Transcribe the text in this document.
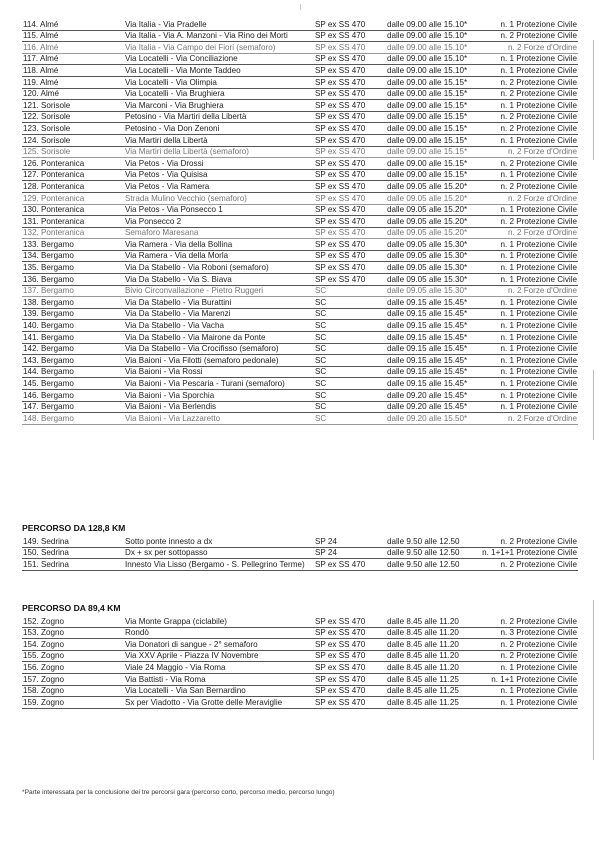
114. Almé	Via Italia - Via Pradelle	SP ex SS 470	dalle 09.00 alle 15.10*	n. 1 Protezione Civile
115. Almé	Via Italia - Via A. Manzoni - Via Rino dei Morti	SP ex SS 470	dalle 09.00 alle 15.10*	n. 2 Protezione Civile
116. Almé	Via Italia - Via Campo dei Fiori (semaforo)	SP ex SS 470	dalle 09.00 alle 15.10*	n. 2 Forze d'Ordine
117. Almé	Via Locatelli - Via Conciliazione	SP ex SS 470	dalle 09.00 alle 15.10*	n. 1 Protezione Civile
118. Almé	Via Locatelli - Via Monte Taddeo	SP ex SS 470	dalle 09.00 alle 15.10*	n. 1 Protezione Civile
119. Almé	Via Locatelli - Via Olimpia	SP ex SS 470	dalle 09.00 alle 15.15*	n. 2 Protezione Civile
120. Almé	Via Locatelli - Via Brughiera	SP ex SS 470	dalle 09.00 alle 15.15*	n. 2 Protezione Civile
121. Sorisole	Via Marconi - Via Brughiera	SP ex SS 470	dalle 09.00 alle 15.15*	n. 1 Protezione Civile
122. Sorisole	Petosino - Via Martiri della Libertà	SP ex SS 470	dalle 09.00 alle 15.15*	n. 2 Protezione Civile
123. Sorisole	Petosino - Via Don Zenoni	SP ex SS 470	dalle 09.00 alle 15.15*	n. 2 Protezione Civile
124. Sorisole	Via Martiri della Libertà	SP ex SS 470	dalle 09.00 alle 15.15*	n. 1 Protezione Civile
125. Sorisole	Via Martiri della Libertà (semaforo)	SP ex SS 470	dalle 09.00 alle 15.15*	n. 2 Forze d'Ordine
126. Ponteranica	Via Petos - Via Drossi	SP ex SS 470	dalle 09.00 alle 15.15*	n. 2 Protezione Civile
127. Ponteranica	Via Petos - Via Quisisa	SP ex SS 470	dalle 09.00 alle 15.15*	n. 1 Protezione Civile
128. Ponteranica	Via Petos - Via Ramera	SP ex SS 470	dalle 09.05 alle 15.20*	n. 2 Protezione Civile
129. Ponteranica	Strada Mulino Vecchio (semaforo)	SP ex SS 470	dalle 09.05 alle 15.20*	n. 2 Forze d'Ordine
130. Ponteranica	Via Petos - Via Ponsecco 1	SP ex SS 470	dalle 09.05 alle 15.20*	n. 1 Protezione Civile
131. Ponteranica	Via Ponsecco 2	SP ex SS 470	dalle 09.05 alle 15.20*	n. 2 Protezione Civile
132. Ponteranica	Semaforo Maresana	SP ex SS 470	dalle 09.05 alle 15.20*	n. 2 Forze d'Ordine
133. Bergamo	Via Ramera - Via della Bollina	SP ex SS 470	dalle 09.05 alle 15.30*	n. 1 Protezione Civile
134. Bergamo	Via Ramera - Via della Morla	SP ex SS 470	dalle 09.05 alle 15.30*	n. 1 Protezione Civile
135. Bergamo	Via Da Stabello - Via Roboni (semaforo)	SP ex SS 470	dalle 09.05 alle 15.30*	n. 1 Protezione Civile
136. Bergamo	Via Da Stabello - Via S. Biava	SP ex SS 470	dalle 09.05 alle 15.30*	n. 1 Protezione Civile
137. Bergamo	Bivio Circonvallazione - Pietro Ruggeri	SC	dalle 09.05 alle 15.30*	n. 2 Forze d'Ordine
138. Bergamo	Via Da Stabello - Via Burattini	SC	dalle 09.15 alle 15.45*	n. 1 Protezione Civile
139. Bergamo	Via Da Stabello - Via Marenzi	SC	dalle 09.15 alle 15.45*	n. 1 Protezione Civile
140. Bergamo	Via Da Stabello - Via Vacha	SC	dalle 09.15 alle 15.45*	n. 1 Protezione Civile
141. Bergamo	Via Da Stabello - Via Mairone da Ponte	SC	dalle 09.15 alle 15.45*	n. 1 Protezione Civile
142. Bergamo	Via Da Stabello - Via Crocifisso (semaforo)	SC	dalle 09.15 alle 15.45*	n. 1 Protezione Civile
143. Bergamo	Via Baioni - Via Filotti (semaforo pedonale)	SC	dalle 09.15 alle 15.45*	n. 1 Protezione Civile
144. Bergamo	Via Baioni - Via Rossi	SC	dalle 09.15 alle 15.45*	n. 1 Protezione Civile
145. Bergamo	Via Baioni - Via Pescaria - Turani (semaforo)	SC	dalle 09.15 alle 15.45*	n. 1 Protezione Civile
146. Bergamo	Via Baioni - Via Sporchia	SC	dalle 09.20 alle 15.45*	n. 1 Protezione Civile
147. Bergamo	Via Baioni - Via Berlendis	SC	dalle 09.20 alle 15.45*	n. 1 Protezione Civile
148. Bergamo	Via Baioni - Via Lazzaretto	SC	dalle 09.20 alle 15.50*	n. 2 Forze d'Ordine
PERCORSO DA 128,8 KM
149. Sedrina	Sotto ponte innesto a dx	SP 24	dalle 9.50 alle 12.50	n. 2 Protezione Civile
150. Sedrina	Dx + sx per sottopasso	SP 24	dalle 9.50 alle 12.50	n. 1+1+1 Protezione Civile
151. Sedrina	Innesto Via Lisso (Bergamo - S. Pellegrino Terme)	SP ex SS 470	dalle 9.50 alle 12.50	n. 2 Protezione Civile
PERCORSO DA 89,4 KM
152. Zogno	Via Monte Grappa (ciclabile)	SP ex SS 470	dalle 8.45 alle 11.20	n. 2 Protezione Civile
153. Zogno	Rondò	SP ex SS 470	dalle 8.45 alle 11.20	n. 3 Protezione Civile
154. Zogno	Via Donatori di sangue - 2° semaforo	SP ex SS 470	dalle 8.45 alle 11.20	n. 2 Protezione Civile
155. Zogno	Via XXV Aprile - Piazza IV Novembre	SP ex SS 470	dalle 8.45 alle 11.20	n. 2 Protezione Civile
156. Zogno	Viale 24 Maggio - Via Roma	SP ex SS 470	dalle 8.45 alle 11.20	n. 1 Protezione Civile
157. Zogno	Via Battisti - Via Roma	SP ex SS 470	dalle 8.45 alle 11.25	n. 1+1 Protezione Civile
158. Zogno	Via Locatelli - Via San Bernardino	SP ex SS 470	dalle 8.45 alle 11.25	n. 1 Protezione Civile
159. Zogno	Sx per Viadotto - Via Grotte delle Meraviglie	SP ex SS 470	dalle 8.45 alle 11.25	n. 1 Protezione Civile
*Parte interessata per la conclusione dei tre percorsi gara (percorso corto, percorso medio, percorso lungo)
